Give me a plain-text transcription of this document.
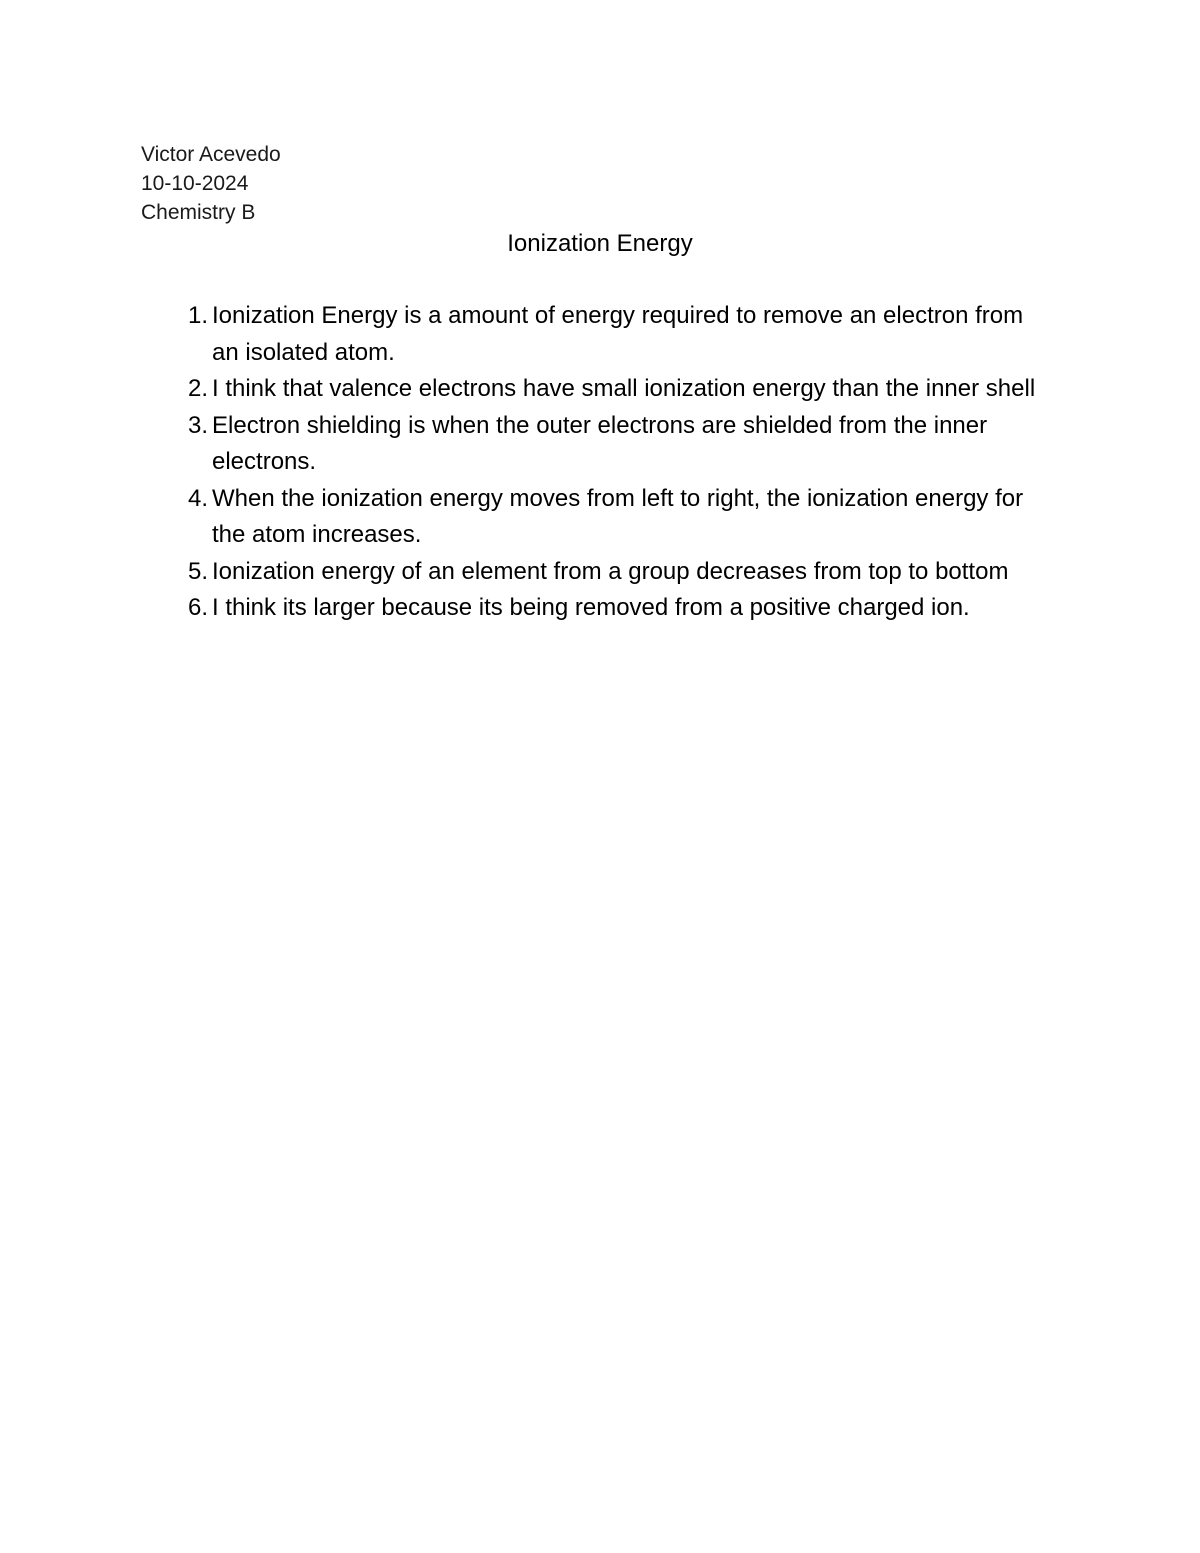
Victor Acevedo
10-10-2024
Chemistry B
Ionization Energy
1. Ionization Energy is a amount of energy required to remove an electron from an isolated atom.
2. I think that valence electrons have small ionization energy than the inner shell
3. Electron shielding is when the outer electrons are shielded from the inner electrons.
4. When the ionization energy moves from left to right, the ionization energy for the atom increases.
5. Ionization energy of an element from a group decreases from top to bottom
6. I think its larger because its being removed from a positive charged ion.
